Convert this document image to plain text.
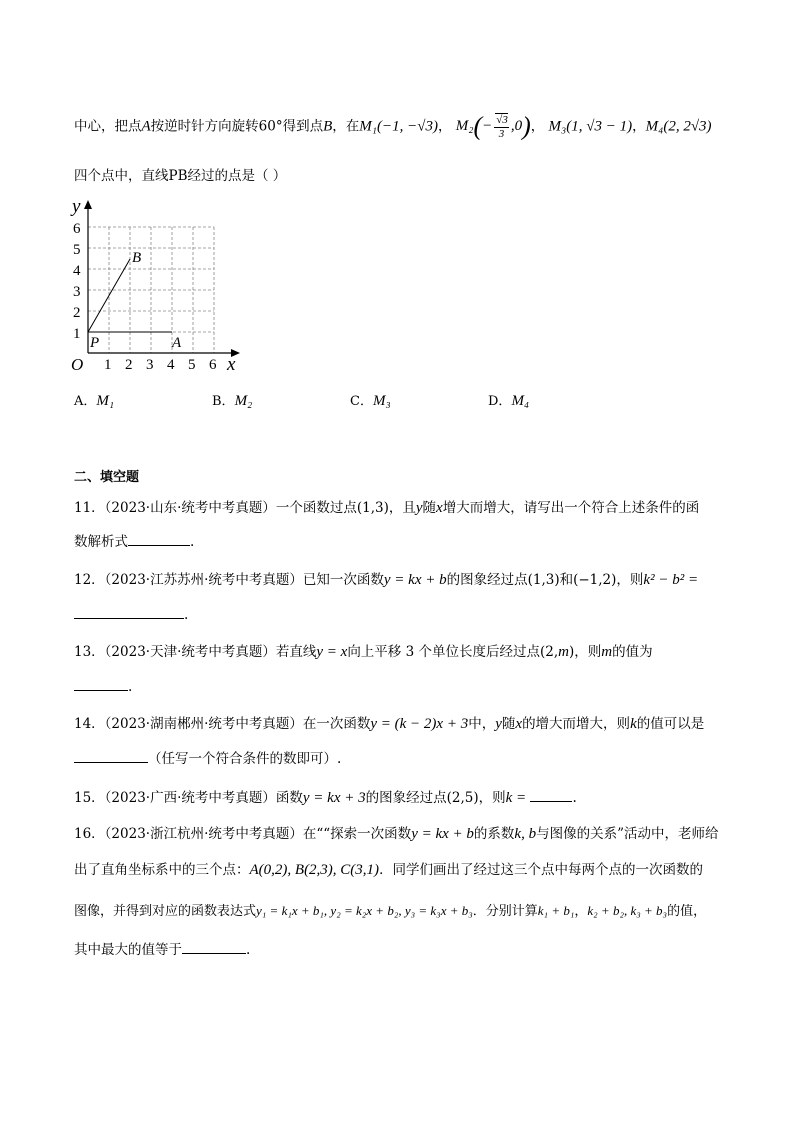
中心，把点A按逆时针方向旋转60°得到点B，在M₁(−1, −√3)， $M_2(- \frac{√3}{3} ,0)$， M₃(1, √3 − 1)，M₄(2, 2√3)
四个点中，直线PB经过的点是（ ）
y
x
O 1 2 3 4 5 6
1
2
3
4
5
6
P	A
B
A．M₁	B．M₂	C．M₃	D．M₄
二、填空题
11．（2023·山东·统考中考真题）一个函数过点(1,3)，且y随x增大而增大，请写出一个符合上述条件的函
数解析式	.
12．（2023·江苏苏州·统考中考真题）已知一次函数y = kx + b的图象经过点(1,3)和(−1,2)，则k² − b² =
.
13．（2023·天津·统考中考真题）若直线y = x向上平移 3 个单位长度后经过点(2,m)，则m的值为
.
14．（2023·湖南郴州·统考中考真题）在一次函数y = (k − 2)x + 3中，y随x的增大而增大，则k的值可以是
（任写一个符合条件的数即可）.
15．（2023·广西·统考中考真题）函数y = kx + 3的图象经过点(2,5)，则k =	.
16．（2023·浙江杭州·统考中考真题）在““探索一次函数y = kx + b的系数k, b与图像的关系”活动中，老师给
出了直角坐标系中的三个点：A(0,2), B(2,3), C(3,1)．同学们画出了经过这三个点中每两个点的一次函数的
图像，并得到对应的函数表达式y₁ = k₁x + b₁, y₂ = k₂x + b₂, y₃ = k₃x + b₃．分别计算k₁ + b₁，k₂ + b₂, k₃ + b₃的值，
其中最大的值等于	.
